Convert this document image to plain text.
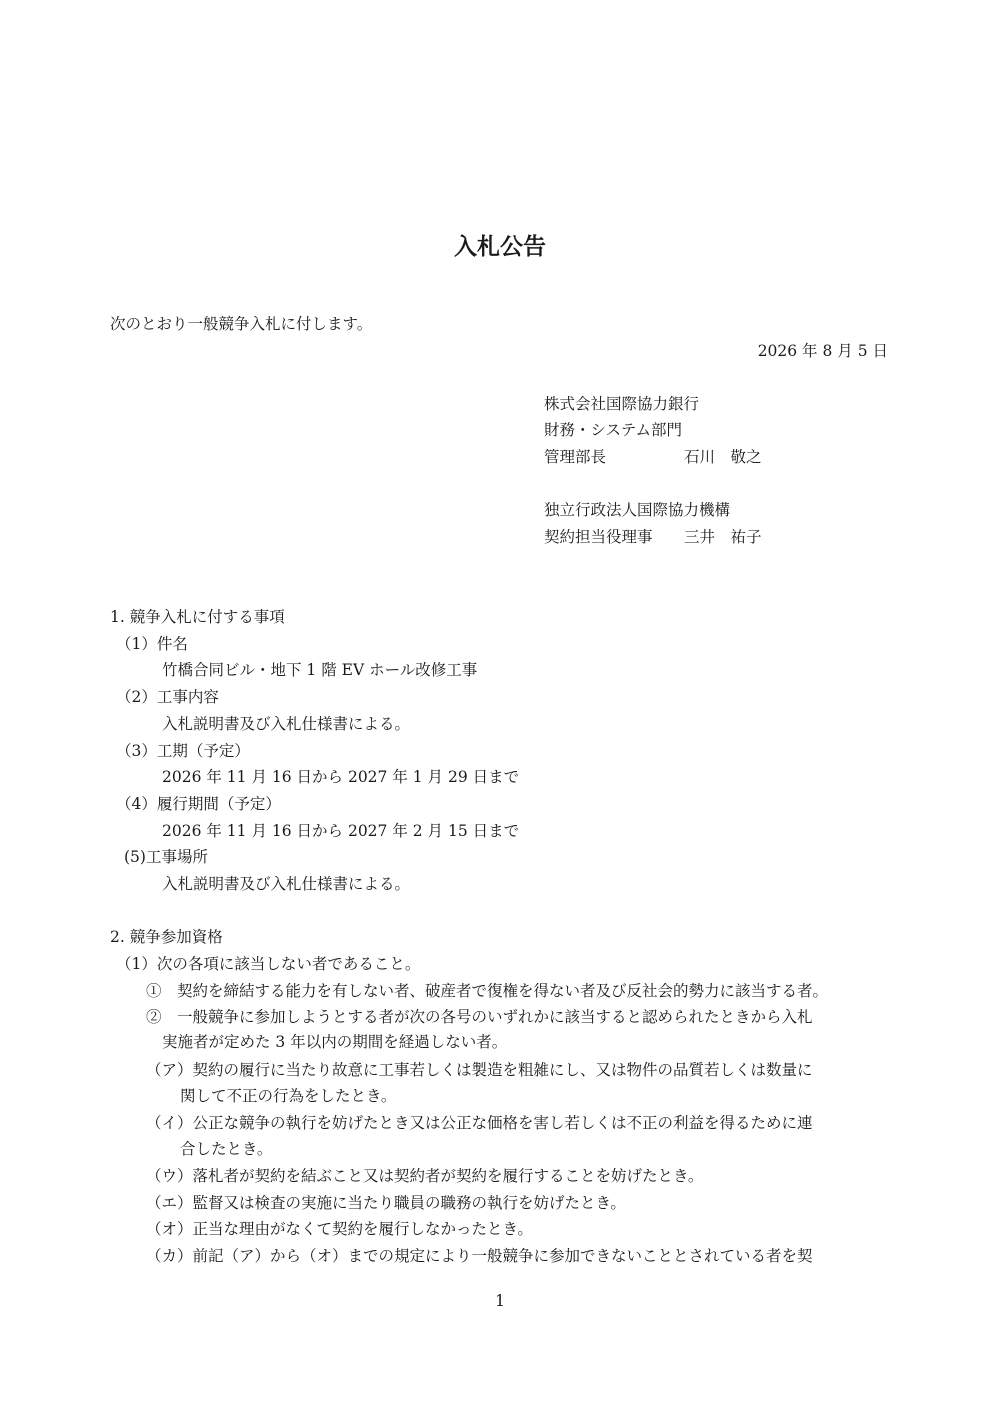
入札公告
次のとおり一般競争入札に付します。
2026 年 8 月 5 日
株式会社国際協力銀行
財務・システム部門
管理部長	石川　敬之
独立行政法人国際協力機構
契約担当役理事 三井　祐子
1. 競争入札に付する事項
（1）件名
竹橋合同ビル・地下 1 階 EV ホール改修工事
（2）工事内容
入札説明書及び入札仕様書による。
（3）工期（予定）
2026 年 11 月 16 日から 2027 年 1 月 29 日まで
（4）履行期間（予定）
2026 年 11 月 16 日から 2027 年 2 月 15 日まで
(5)工事場所
入札説明書及び入札仕様書による。
2. 競争参加資格
（1）次の各項に該当しない者であること。
①　契約を締結する能力を有しない者、破産者で復権を得ない者及び反社会的勢力に該当する者。
②　一般競争に参加しようとする者が次の各号のいずれかに該当すると認められたときから入札
実施者が定めた 3 年以内の期間を経過しない者。
（ア）契約の履行に当たり故意に工事若しくは製造を粗雑にし、又は物件の品質若しくは数量に
関して不正の行為をしたとき。
（イ）公正な競争の執行を妨げたとき又は公正な価格を害し若しくは不正の利益を得るために連
合したとき。
（ウ）落札者が契約を結ぶこと又は契約者が契約を履行することを妨げたとき。
（エ）監督又は検査の実施に当たり職員の職務の執行を妨げたとき。
（オ）正当な理由がなくて契約を履行しなかったとき。
（カ）前記（ア）から（オ）までの規定により一般競争に参加できないこととされている者を契
1
